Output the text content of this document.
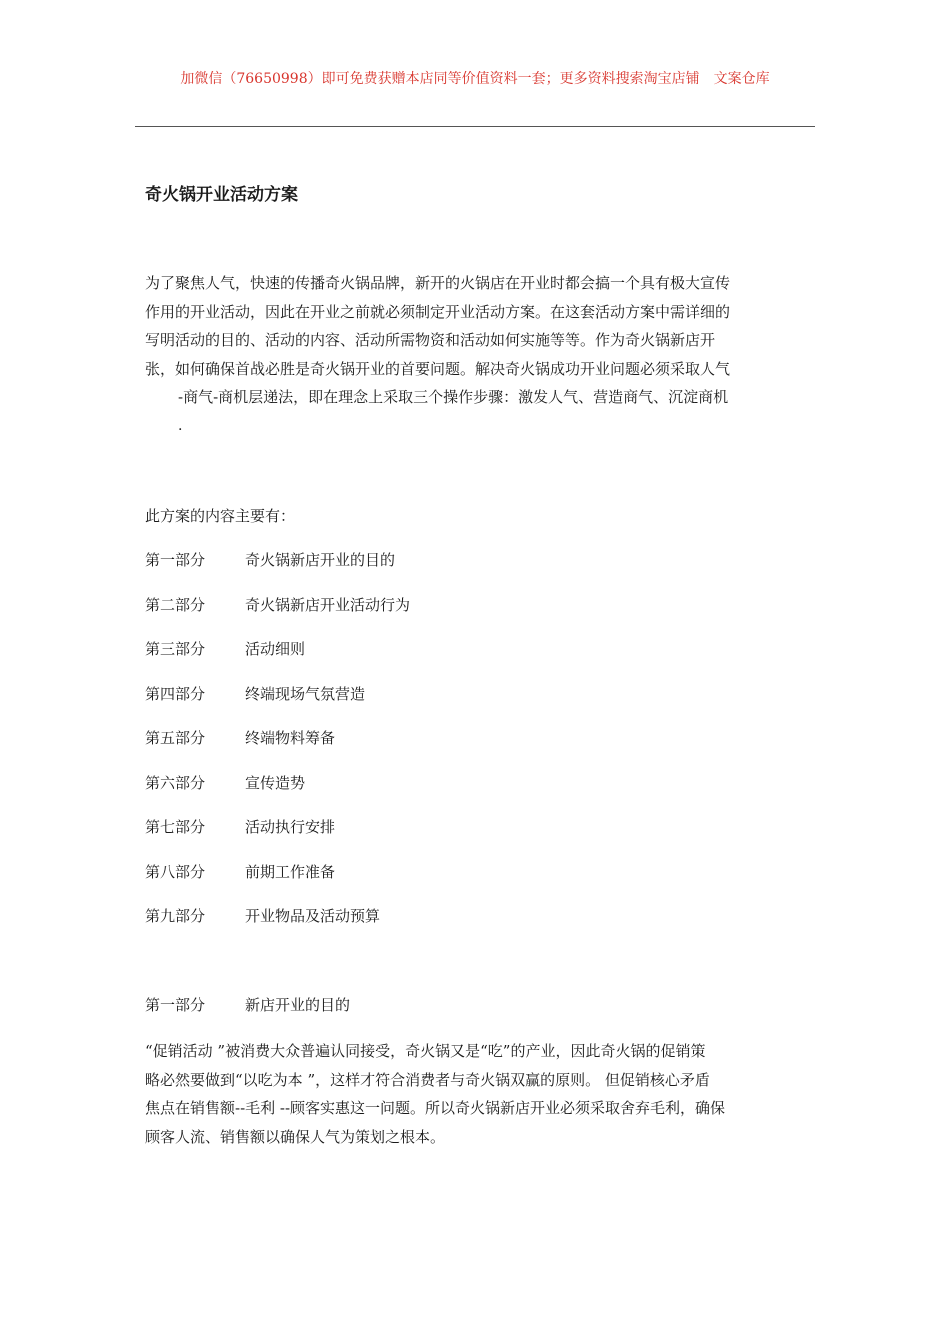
加微信（76650998）即可免费获赠本店同等价值资料一套；更多资料搜索淘宝店铺 文案仓库
奇火锅开业活动方案
为了聚焦人气，快速的传播奇火锅品牌，新开的火锅店在开业时都会搞一个具有极大宣传
作用的开业活动，因此在开业之前就必须制定开业活动方案。在这套活动方案中需详细的
写明活动的目的、活动的内容、活动所需物资和活动如何实施等等。作为奇火锅新店开
张，如何确保首战必胜是奇火锅开业的首要问题。解决奇火锅成功开业问题必须采取人气
-商气-商机层递法，即在理念上采取三个操作步骤：激发人气、营造商气、沉淀商机
.
此方案的内容主要有：
第一部分	奇火锅新店开业的目的
第二部分	奇火锅新店开业活动行为
第三部分	活动细则
第四部分	终端现场气氛营造
第五部分	终端物料筹备
第六部分	宣传造势
第七部分	活动执行安排
第八部分	前期工作准备
第九部分	开业物品及活动预算
第一部分	新店开业的目的
“促销活动 ”被消费大众普遍认同接受，奇火锅又是“吃”的产业，因此奇火锅的促销策
略必然要做到“以吃为本 ”，这样才符合消费者与奇火锅双赢的原则。 但促销核心矛盾
焦点在销售额--毛利 --顾客实惠这一问题。所以奇火锅新店开业必须采取舍弃毛利，确保
顾客人流、销售额以确保人气为策划之根本。
